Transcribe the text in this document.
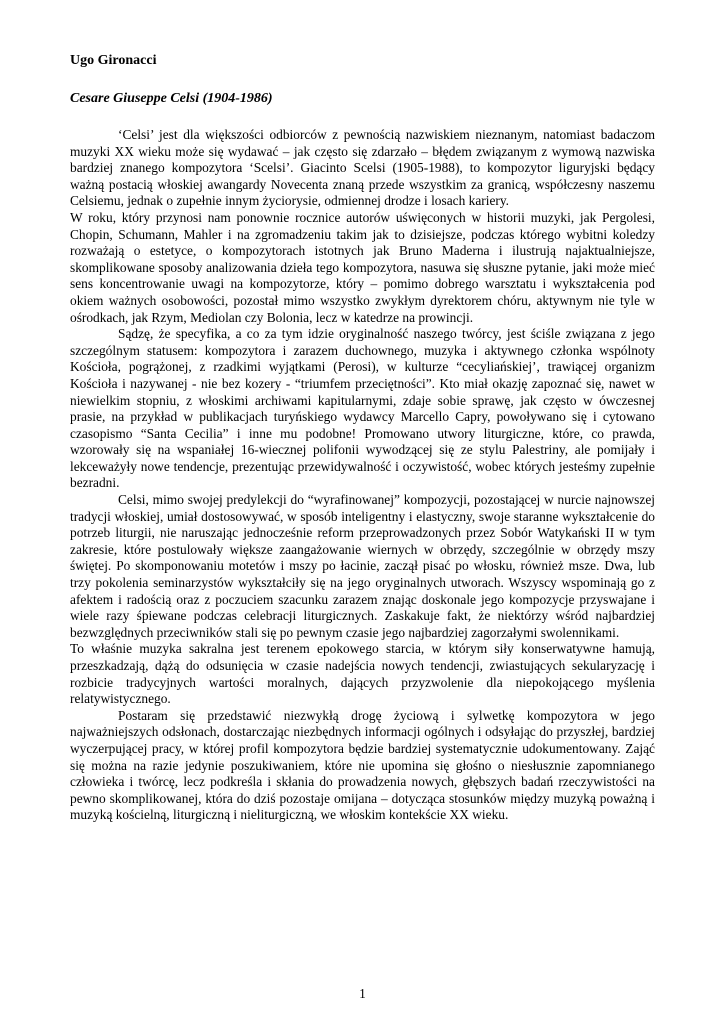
Ugo Gironacci
Cesare Giuseppe Celsi (1904-1986)

‘Celsi’ jest dla większości odbiorców z pewnością nazwiskiem nieznanym, natomiast badaczom muzyki XX wieku może się wydawać – jak często się zdarzało – błędem związanym z wymową nazwiska bardziej znanego kompozytora ‘Scelsi’. Giacinto Scelsi (1905-1988), to kompozytor liguryjski będący ważną postacią włoskiej awangardy Novecenta znaną przede wszystkim za granicą, współczesny naszemu Celsiemu, jednak o zupełnie innym życiorysie, odmiennej drodze i losach kariery.

W roku, który przynosi nam ponownie rocznice autorów uświęconych w historii muzyki, jak Pergolesi, Chopin, Schumann, Mahler i na zgromadzeniu takim jak to dzisiejsze, podczas którego wybitni koledzy rozważają o estetyce, o kompozytorach istotnych jak Bruno Maderna i ilustrują najaktualniejsze, skomplikowane sposoby analizowania dzieła tego kompozytora, nasuwa się słuszne pytanie, jaki może mieć sens koncentrowanie uwagi na kompozytorze, który – pomimo dobrego warsztatu i wykształcenia pod okiem ważnych osobowości, pozostał mimo wszystko zwykłym dyrektorem chóru, aktywnym nie tyle w ośrodkach, jak Rzym, Mediolan czy Bolonia, lecz w katedrze na prowincji.

Sądzę, że specyfika, a co za tym idzie oryginalność naszego twórcy, jest ściśle związana z jego szczególnym statusem: kompozytora i zarazem duchownego, muzyka i aktywnego członka wspólnoty Kościoła, pogrążonej, z rzadkimi wyjątkami (Perosi), w kulturze “cecyliańskiej’, trawiącej organizm Kościoła i nazywanej - nie bez kozery - “triumfem przeciętności”. Kto miał okazję zapoznać się, nawet w niewielkim stopniu, z włoskimi archiwami kapitularnymi, zdaje sobie sprawę, jak często w ówczesnej prasie, na przykład w publikacjach turyńskiego wydawcy Marcello Capry, powoływano się i cytowano czasopismo “Santa Cecilia” i inne mu podobne! Promowano utwory liturgiczne, które, co prawda, wzorowały się na wspaniałej 16-wiecznej polifonii wywodzącej się ze stylu Palestriny, ale pomijały i lekceważyły nowe tendencje, prezentując przewidywalność i oczywistość, wobec których jesteśmy zupełnie bezradni.

Celsi, mimo swojej predylekcji do “wyrafinowanej” kompozycji, pozostającej w nurcie najnowszej tradycji włoskiej, umiał dostosowywać, w sposób inteligentny i elastyczny, swoje staranne wykształcenie do potrzeb liturgii, nie naruszając jednocześnie reform przeprowadzonych przez Sobór Watykański II w tym zakresie, które postulowały większe zaangażowanie wiernych w obrzędy, szczególnie w obrzędy mszy świętej. Po skomponowaniu motetów i mszy po łacinie, zaczął pisać po włosku, również msze. Dwa, lub trzy pokolenia seminarzystów wykształciły się na jego oryginalnych utworach. Wszyscy wspominają go z afektem i radością oraz z poczuciem szacunku zarazem znając doskonale jego kompozycje przyswajane i wiele razy śpiewane podczas celebracji liturgicznych. Zaskakuje fakt, że niektórzy wśród najbardziej bezwzględnych przeciwników stali się po pewnym czasie jego najbardziej zagorzałymi swolennikami.

To właśnie muzyka sakralna jest terenem epokowego starcia, w którym siły konserwatywne hamują, przeszkadzają, dążą do odsunięcia w czasie nadejścia nowych tendencji, zwiastujących sekularyzację i rozbicie tradycyjnych wartości moralnych, dających przyzwolenie dla niepokojącego myślenia relatywistycznego.

Postaram się przedstawić niezwykłą drogę życiową i sylwetkę kompozytora w jego najważniejszych odsłonach, dostarczając niezbędnych informacji ogólnych i odsyłając do przyszłej, bardziej wyczerpującej pracy, w której profil kompozytora będzie bardziej systematycznie udokumentowany. Zająć się można na razie jedynie poszukiwaniem, które nie upomina się głośno o niesłusznie zapomnianego człowieka i twórcę, lecz podkreśla i skłania do prowadzenia nowych, głębszych badań rzeczywistości na pewno skomplikowanej, która do dziś pozostaje omijana – dotycząca stosunków między muzyką poważną i muzyką kościelną, liturgiczną i nieliturgiczną, we włoskim kontekście XX wieku.

1
